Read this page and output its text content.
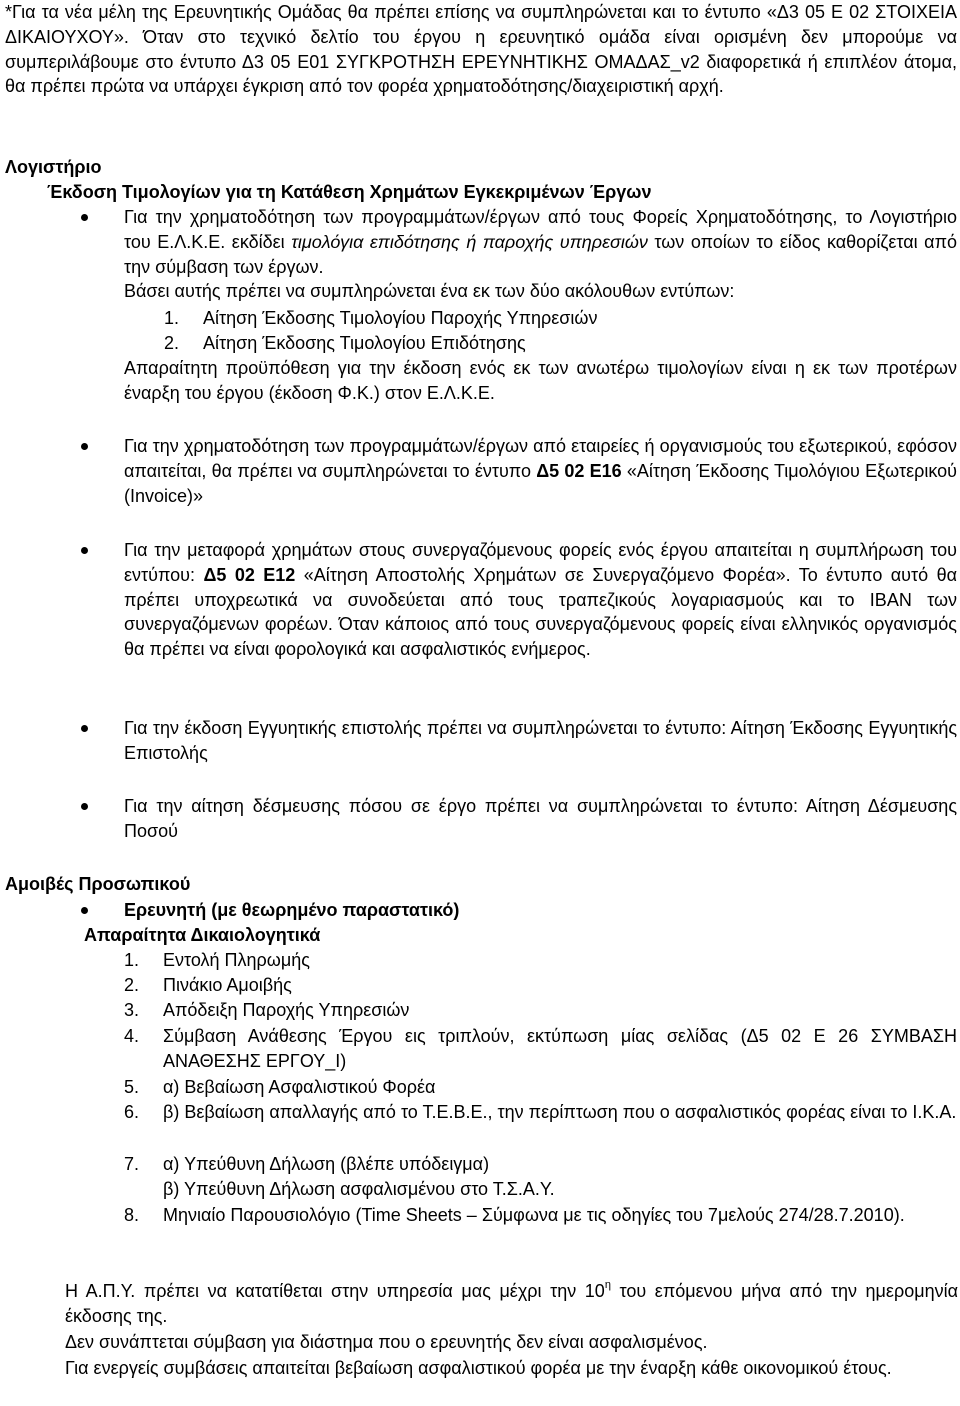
*Για τα νέα μέλη της Ερευνητικής Ομάδας θα πρέπει επίσης να συμπληρώνεται και το έντυπο «Δ3 05 Ε 02 ΣΤΟΙΧΕΙΑ ΔΙΚΑΙΟΥΧΟΥ». Όταν στο τεχνικό δελτίο του έργου η ερευνητικό ομάδα είναι ορισμένη δεν μπορούμε να συμπεριλάβουμε στο έντυπο Δ3 05 Ε01 ΣΥΓΚΡΟΤΗΣΗ ΕΡΕΥΝΗΤΙΚΗΣ ΟΜΑΔΑΣ_v2 διαφορετικά ή επιπλέον άτομα, θα πρέπει πρώτα να υπάρχει έγκριση από τον φορέα χρηματοδότησης/διαχειριστική αρχή.

Λογιστήριο

Έκδοση Τιμολογίων για τη Κατάθεση Χρημάτων Εγκεκριμένων Έργων

Για την χρηματοδότηση των προγραμμάτων/έργων από τους Φορείς Χρηματοδότησης, το Λογιστήριο του Ε.Λ.Κ.Ε. εκδίδει τιμολόγια επιδότησης ή παροχής υπηρεσιών των οποίων το είδος καθορίζεται από την σύμβαση των έργων.

Βάσει αυτής πρέπει να συμπληρώνεται ένα εκ των δύο ακόλουθων εντύπων:

1. Αίτηση Έκδοσης Τιμολογίου Παροχής Υπηρεσιών
2. Αίτηση Έκδοσης Τιμολογίου Επιδότησης

Απαραίτητη προϋπόθεση για την έκδοση ενός εκ των ανωτέρω τιμολογίων είναι η εκ των προτέρων έναρξη του έργου (έκδοση Φ.Κ.) στον Ε.Λ.Κ.Ε.

Για την χρηματοδότηση των προγραμμάτων/έργων από εταιρείες ή οργανισμούς του εξωτερικού, εφόσον απαιτείται, θα πρέπει να συμπληρώνεται το έντυπο Δ5 02 Ε16 «Αίτηση Έκδοσης Τιμολόγιου Εξωτερικού (Invoice)»

Για την μεταφορά χρημάτων στους συνεργαζόμενους φορείς ενός έργου απαιτείται η συμπλήρωση του εντύπου: Δ5 02 Ε12 «Αίτηση Αποστολής Χρημάτων σε Συνεργαζόμενο Φορέα». Το έντυπο αυτό θα πρέπει υποχρεωτικά να συνοδεύεται από τους τραπεζικούς λογαριασμούς και το IBAN των συνεργαζόμενων φορέων. Όταν κάποιος από τους συνεργαζόμενους φορείς είναι ελληνικός οργανισμός θα πρέπει να είναι φορολογικά και ασφαλιστικός ενήμερος.

Για την έκδοση Εγγυητικής επιστολής πρέπει να συμπληρώνεται το έντυπο: Αίτηση Έκδοσης Εγγυητικής Επιστολής

Για την αίτηση δέσμευσης πόσου σε έργο πρέπει να συμπληρώνεται το έντυπο: Αίτηση Δέσμευσης Ποσού

Αμοιβές Προσωπικού

Ερευνητή (με θεωρημένο παραστατικό)

Απαραίτητα Δικαιολογητικά

1. Εντολή Πληρωμής
2. Πινάκιο Αμοιβής
3. Απόδειξη Παροχής Υπηρεσιών
4. Σύμβαση Ανάθεσης Έργου εις τριπλούν, εκτύπωση μίας σελίδας (Δ5 02 Ε 26 ΣΥΜΒΑΣΗ ΑΝΑΘΕΣΗΣ ΕΡΓΟΥ_I)
5. α) Βεβαίωση Ασφαλιστικού Φορέα
6. β) Βεβαίωση απαλλαγής από το Τ.Ε.Β.Ε., την περίπτωση που ο ασφαλιστικός φορέας είναι το Ι.Κ.Α.
7. α) Υπεύθυνη Δήλωση (βλέπε υπόδειγμα)
β) Υπεύθυνη Δήλωση ασφαλισμένου στο Τ.Σ.Α.Υ.
8. Μηνιαίο Παρουσιολόγιο (Time Sheets – Σύμφωνα με τις οδηγίες του 7μελούς 274/28.7.2010).

Η Α.Π.Υ. πρέπει να κατατίθεται στην υπηρεσία μας μέχρι την $10^\eta$ του επόμενου μήνα από την ημερομηνία έκδοσης της.

Δεν συνάπτεται σύμβαση για διάστημα που ο ερευνητής δεν είναι ασφαλισμένος.

Για ενεργείς συμβάσεις απαιτείται βεβαίωση ασφαλιστικού φορέα με την έναρξη κάθε οικονομικού έτους.
